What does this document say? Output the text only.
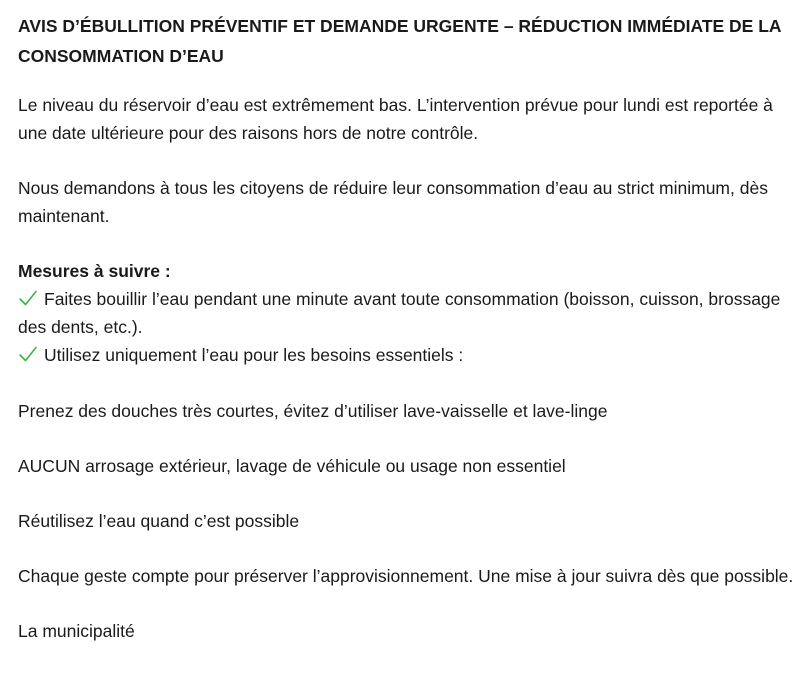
AVIS D’ÉBULLITION PRÉVENTIF ET DEMANDE URGENTE – RÉDUCTION IMMÉDIATE DE LA CONSOMMATION D’EAU

Le niveau du réservoir d’eau est extrêmement bas. L’intervention prévue pour lundi est reportée à une date ultérieure pour des raisons hors de notre contrôle.

Nous demandons à tous les citoyens de réduire leur consommation d’eau au strict minimum, dès maintenant.

Mesures à suivre :

Faites bouillir l’eau pendant une minute avant toute consommation (boisson, cuisson, brossage des dents, etc.).

Utilisez uniquement l’eau pour les besoins essentiels :

Prenez des douches très courtes, évitez d’utiliser lave-vaisselle et lave-linge

AUCUN arrosage extérieur, lavage de véhicule ou usage non essentiel

Réutilisez l’eau quand c’est possible

Chaque geste compte pour préserver l’approvisionnement. Une mise à jour suivra dès que possible.

La municipalité
